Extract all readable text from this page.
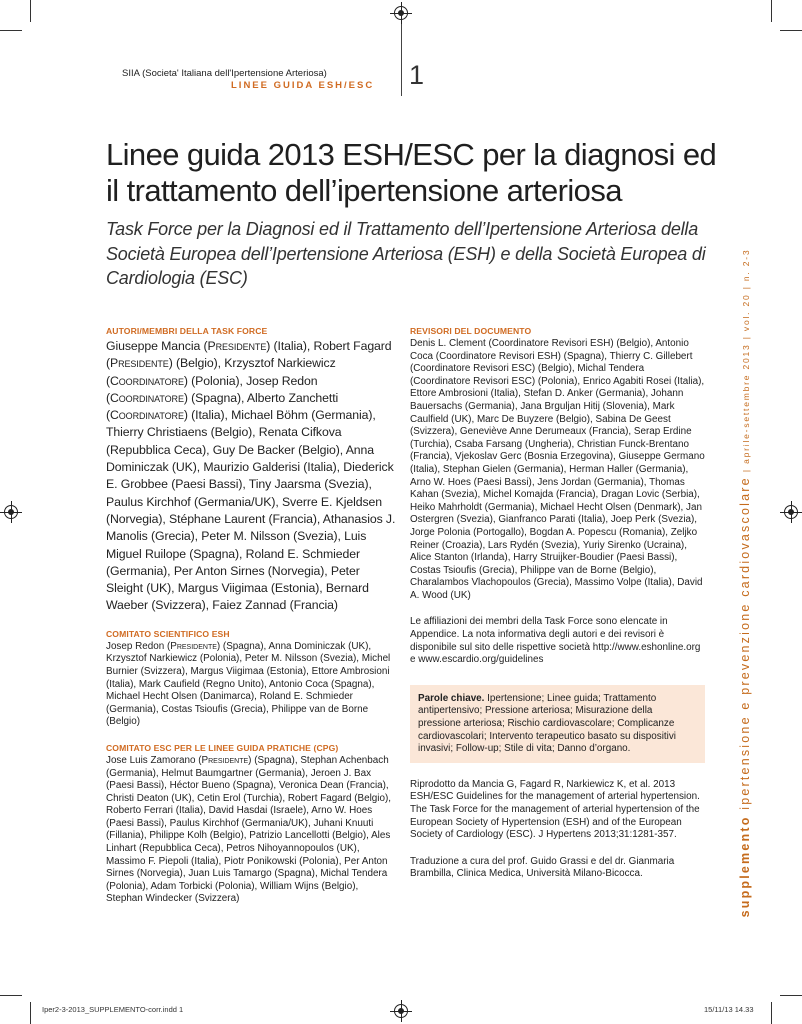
SIIA (Societa' Italiana dell'Ipertensione Arteriosa)
LINEE GUIDA ESH/ESC 1
Linee guida 2013 ESH/ESC per la diagnosi ed il trattamento dell’ipertensione arteriosa
Task Force per la Diagnosi ed il Trattamento dell’Ipertensione Arteriosa della Società Europea dell’Ipertensione Arteriosa (ESH) e della Società Europea di Cardiologia (ESC)
AUTORI/MEMBRI DELLA TASK FORCE
Giuseppe Mancia (Presidente) (Italia), Robert Fagard (Presidente) (Belgio), Krzysztof Narkiewicz (Coordinatore) (Polonia), Josep Redon (Coordinatore) (Spagna), Alberto Zanchetti (Coordinatore) (Italia), Michael Böhm (Germania), Thierry Christiaens (Belgio), Renata Cifkova (Repubblica Ceca), Guy De Backer (Belgio), Anna Dominiczak (UK), Maurizio Galderisi (Italia), Diederick E. Grobbee (Paesi Bassi), Tiny Jaarsma (Svezia), Paulus Kirchhof (Germania/UK), Sverre E. Kjeldsen (Norvegia), Stéphane Laurent (Francia), Athanasios J. Manolis (Grecia), Peter M. Nilsson (Svezia), Luis Miguel Ruilope (Spagna), Roland E. Schmieder (Germania), Per Anton Sirnes (Norvegia), Peter Sleight (UK), Margus Viigimaa (Estonia), Bernard Waeber (Svizzera), Faiez Zannad (Francia)
COMITATO SCIENTIFICO ESH
Josep Redon (Presidente) (Spagna), Anna Dominiczak (UK), Krzysztof Narkiewicz (Polonia), Peter M. Nilsson (Svezia), Michel Burnier (Svizzera), Margus Viigimaa (Estonia), Ettore Ambrosioni (Italia), Mark Caufield (Regno Unito), Antonio Coca (Spagna), Michael Hecht Olsen (Danimarca), Roland E. Schmieder (Germania), Costas Tsioufis (Grecia), Philippe van de Borne (Belgio)
COMITATO ESC PER LE LINEE GUIDA PRATICHE (CPG)
Jose Luis Zamorano (Presidente) (Spagna), Stephan Achenbach (Germania), Helmut Baumgartner (Germania), Jeroen J. Bax (Paesi Bassi), Héctor Bueno (Spagna), Veronica Dean (Francia), Christi Deaton (UK), Cetin Erol (Turchia), Robert Fagard (Belgio), Roberto Ferrari (Italia), David Hasdai (Israele), Arno W. Hoes (Paesi Bassi), Paulus Kirchhof (Germania/UK), Juhani Knuuti (Fillania), Philippe Kolh (Belgio), Patrizio Lancellotti (Belgio), Ales Linhart (Repubblica Ceca), Petros Nihoyannopoulos (UK), Massimo F. Piepoli (Italia), Piotr Ponikowski (Polonia), Per Anton Sirnes (Norvegia), Juan Luis Tamargo (Spagna), Michal Tendera (Polonia), Adam Torbicki (Polonia), William Wijns (Belgio), Stephan Windecker (Svizzera)
REVISORI DEL DOCUMENTO
Denis L. Clement (Coordinatore Revisori ESH) (Belgio), Antonio Coca (Coordinatore Revisori ESH) (Spagna), Thierry C. Gillebert (Coordinatore Revisori ESC) (Belgio), Michal Tendera (Coordinatore Revisori ESC) (Polonia), Enrico Agabiti Rosei (Italia), Ettore Ambrosioni (Italia), Stefan D. Anker (Germania), Johann Bauersachs (Germania), Jana Brguljan Hitij (Slovenia), Mark Caulfield (UK), Marc De Buyzere (Belgio), Sabina De Geest (Svizzera), Geneviève Anne Derumeaux (Francia), Serap Erdine (Turchia), Csaba Farsang (Ungheria), Christian Funck-Brentano (Francia), Vjekoslav Gerc (Bosnia Erzegovina), Giuseppe Germano (Italia), Stephan Gielen (Germania), Herman Haller (Germania), Arno W. Hoes (Paesi Bassi), Jens Jordan (Germania), Thomas Kahan (Svezia), Michel Komajda (Francia), Dragan Lovic (Serbia), Heiko Mahrholdt (Germania), Michael Hecht Olsen (Denmark), Jan Ostergren (Svezia), Gianfranco Parati (Italia), Joep Perk (Svezia), Jorge Polonia (Portogallo), Bogdan A. Popescu (Romania), Zeljko Reiner (Croazia), Lars Rydén (Svezia), Yuriy Sirenko (Ucraina), Alice Stanton (Irlanda), Harry Struijker-Boudier (Paesi Bassi), Costas Tsioufis (Grecia), Philippe van de Borne (Belgio), Charalambos Vlachopoulos (Grecia), Massimo Volpe (Italia), David A. Wood (UK)
Le affiliazioni dei membri della Task Force sono elencate in Appendice. La nota informativa degli autori e dei revisori è disponibile sul sito delle rispettive società http://www.eshonline.org e www.escardio.org/guidelines
Parole chiave. Ipertensione; Linee guida; Trattamento antipertensivo; Pressione arteriosa; Misurazione della pressione arteriosa; Rischio cardiovascolare; Complicanze cardiovascolari; Intervento terapeutico basato su dispositivi invasivi; Follow-up; Stile di vita; Danno d’organo.
Riprodotto da Mancia G, Fagard R, Narkiewicz K, et al. 2013 ESH/ESC Guidelines for the management of arterial hypertension. The Task Force for the management of arterial hypertension of the European Society of Hypertension (ESH) and of the European Society of Cardiology (ESC). J Hypertens 2013;31:1281-357.
Traduzione a cura del prof. Guido Grassi e del dr. Gianmaria Brambilla, Clinica Medica, Università Milano-Bicocca.	supplemento ipertensione e prevenzione cardiovascolare | aprile-settembre 2013 | vol. 20 | n. 2-3
Iper2-3-2013_SUPPLEMENTO-corr.indd 1	15/11/13 14.33
